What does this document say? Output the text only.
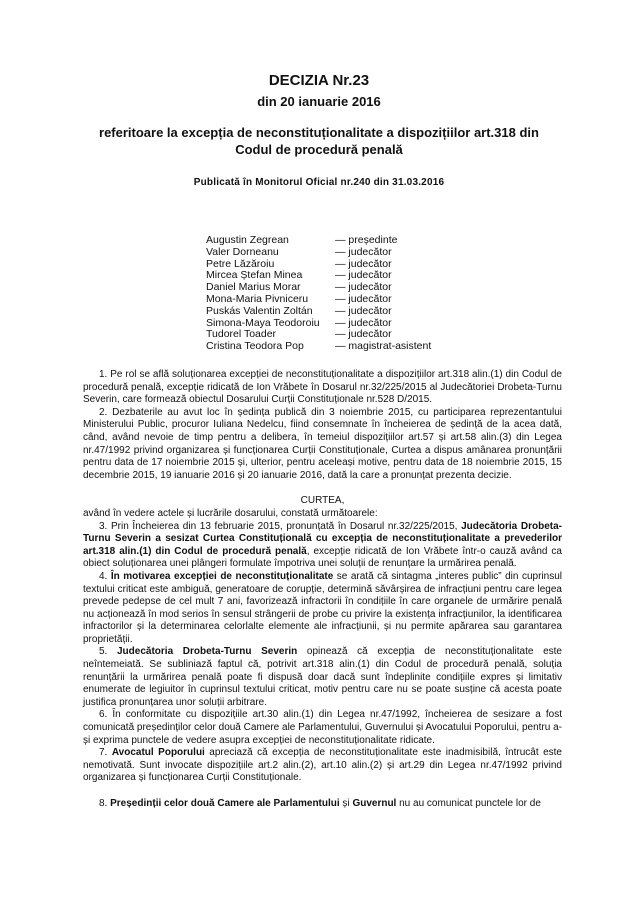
DECIZIA Nr.23
din 20 ianuarie 2016
referitoare la excepția de neconstituționalitate a dispozițiilor art.318 din Codul de procedură penală
Publicată în Monitorul Oficial nr.240 din 31.03.2016
Augustin Zegrean	— președinte
Valer Dorneanu	— judecător
Petre Lăzăroiu	— judecător
Mircea Ștefan Minea	— judecător
Daniel Marius Morar	— judecător
Mona-Maria Pivniceru	— judecător
Puskás Valentin Zoltán	— judecător
Simona-Maya Teodoroiu	— judecător
Tudorel Toader	— judecător
Cristina Teodora Pop	— magistrat-asistent

1. Pe rol se află soluționarea excepției de neconstituționalitate a dispozițiilor art.318 alin.(1) din Codul de procedură penală, excepție ridicată de Ion Vrăbete în Dosarul nr.32/225/2015 al Judecătoriei Drobeta-Turnu Severin, care formează obiectul Dosarului Curții Constituționale nr.528 D/2015.

2. Dezbaterile au avut loc în ședința publică din 3 noiembrie 2015, cu participarea reprezentantului Ministerului Public, procuror Iuliana Nedelcu, fiind consemnate în încheierea de ședință de la acea dată, când, având nevoie de timp pentru a delibera, în temeiul dispozițiilor art.57 și art.58 alin.(3) din Legea nr.47/1992 privind organizarea și funcționarea Curții Constituționale, Curtea a dispus amânarea pronunțării pentru data de 17 noiembrie 2015 și, ulterior, pentru aceleași motive, pentru data de 18 noiembrie 2015, 15 decembrie 2015, 19 ianuarie 2016 și 20 ianuarie 2016, dată la care a pronunțat prezenta decizie.

CURTEA,

având în vedere actele și lucrările dosarului, constată următoarele:

3. Prin Încheierea din 13 februarie 2015, pronunțată în Dosarul nr.32/225/2015, Judecătoria Drobeta-Turnu Severin a sesizat Curtea Constituțională cu excepția de neconstituționalitate a prevederilor art.318 alin.(1) din Codul de procedură penală, excepție ridicată de Ion Vrăbete într-o cauză având ca obiect soluționarea unei plângeri formulate împotriva unei soluții de renunțare la urmărirea penală.

4. În motivarea excepției de neconstituționalitate se arată că sintagma „interes public” din cuprinsul textului criticat este ambiguă, generatoare de corupție, determină săvârșirea de infracțiuni pentru care legea prevede pedepse de cel mult 7 ani, favorizează infractorii în condițiile în care organele de urmărire penală nu acționează în mod serios în sensul strângerii de probe cu privire la existența infracțiunilor, la identificarea infractorilor și la determinarea celorlalte elemente ale infracțiunii, și nu permite apărarea sau garantarea proprietății.

5. Judecătoria Drobeta-Turnu Severin opinează că excepția de neconstituționalitate este neîntemeiată. Se subliniază faptul că, potrivit art.318 alin.(1) din Codul de procedură penală, soluția renunțării la urmărirea penală poate fi dispusă doar dacă sunt îndeplinite condițiile expres și limitativ enumerate de legiuitor în cuprinsul textului criticat, motiv pentru care nu se poate susține că acesta poate justifica pronunțarea unor soluții arbitrare.

6. În conformitate cu dispozițiile art.30 alin.(1) din Legea nr.47/1992, încheierea de sesizare a fost comunicată președinților celor două Camere ale Parlamentului, Guvernului și Avocatului Poporului, pentru a-și exprima punctele de vedere asupra excepției de neconstituționalitate ridicate.

7. Avocatul Poporului apreciază că excepția de neconstituționalitate este inadmisibilă, întrucât este nemotivată. Sunt invocate dispozițiile art.2 alin.(2), art.10 alin.(2) și art.29 din Legea nr.47/1992 privind organizarea și funcționarea Curții Constituționale.

8. Președinții celor două Camere ale Parlamentului și Guvernul nu au comunicat punctele lor de
